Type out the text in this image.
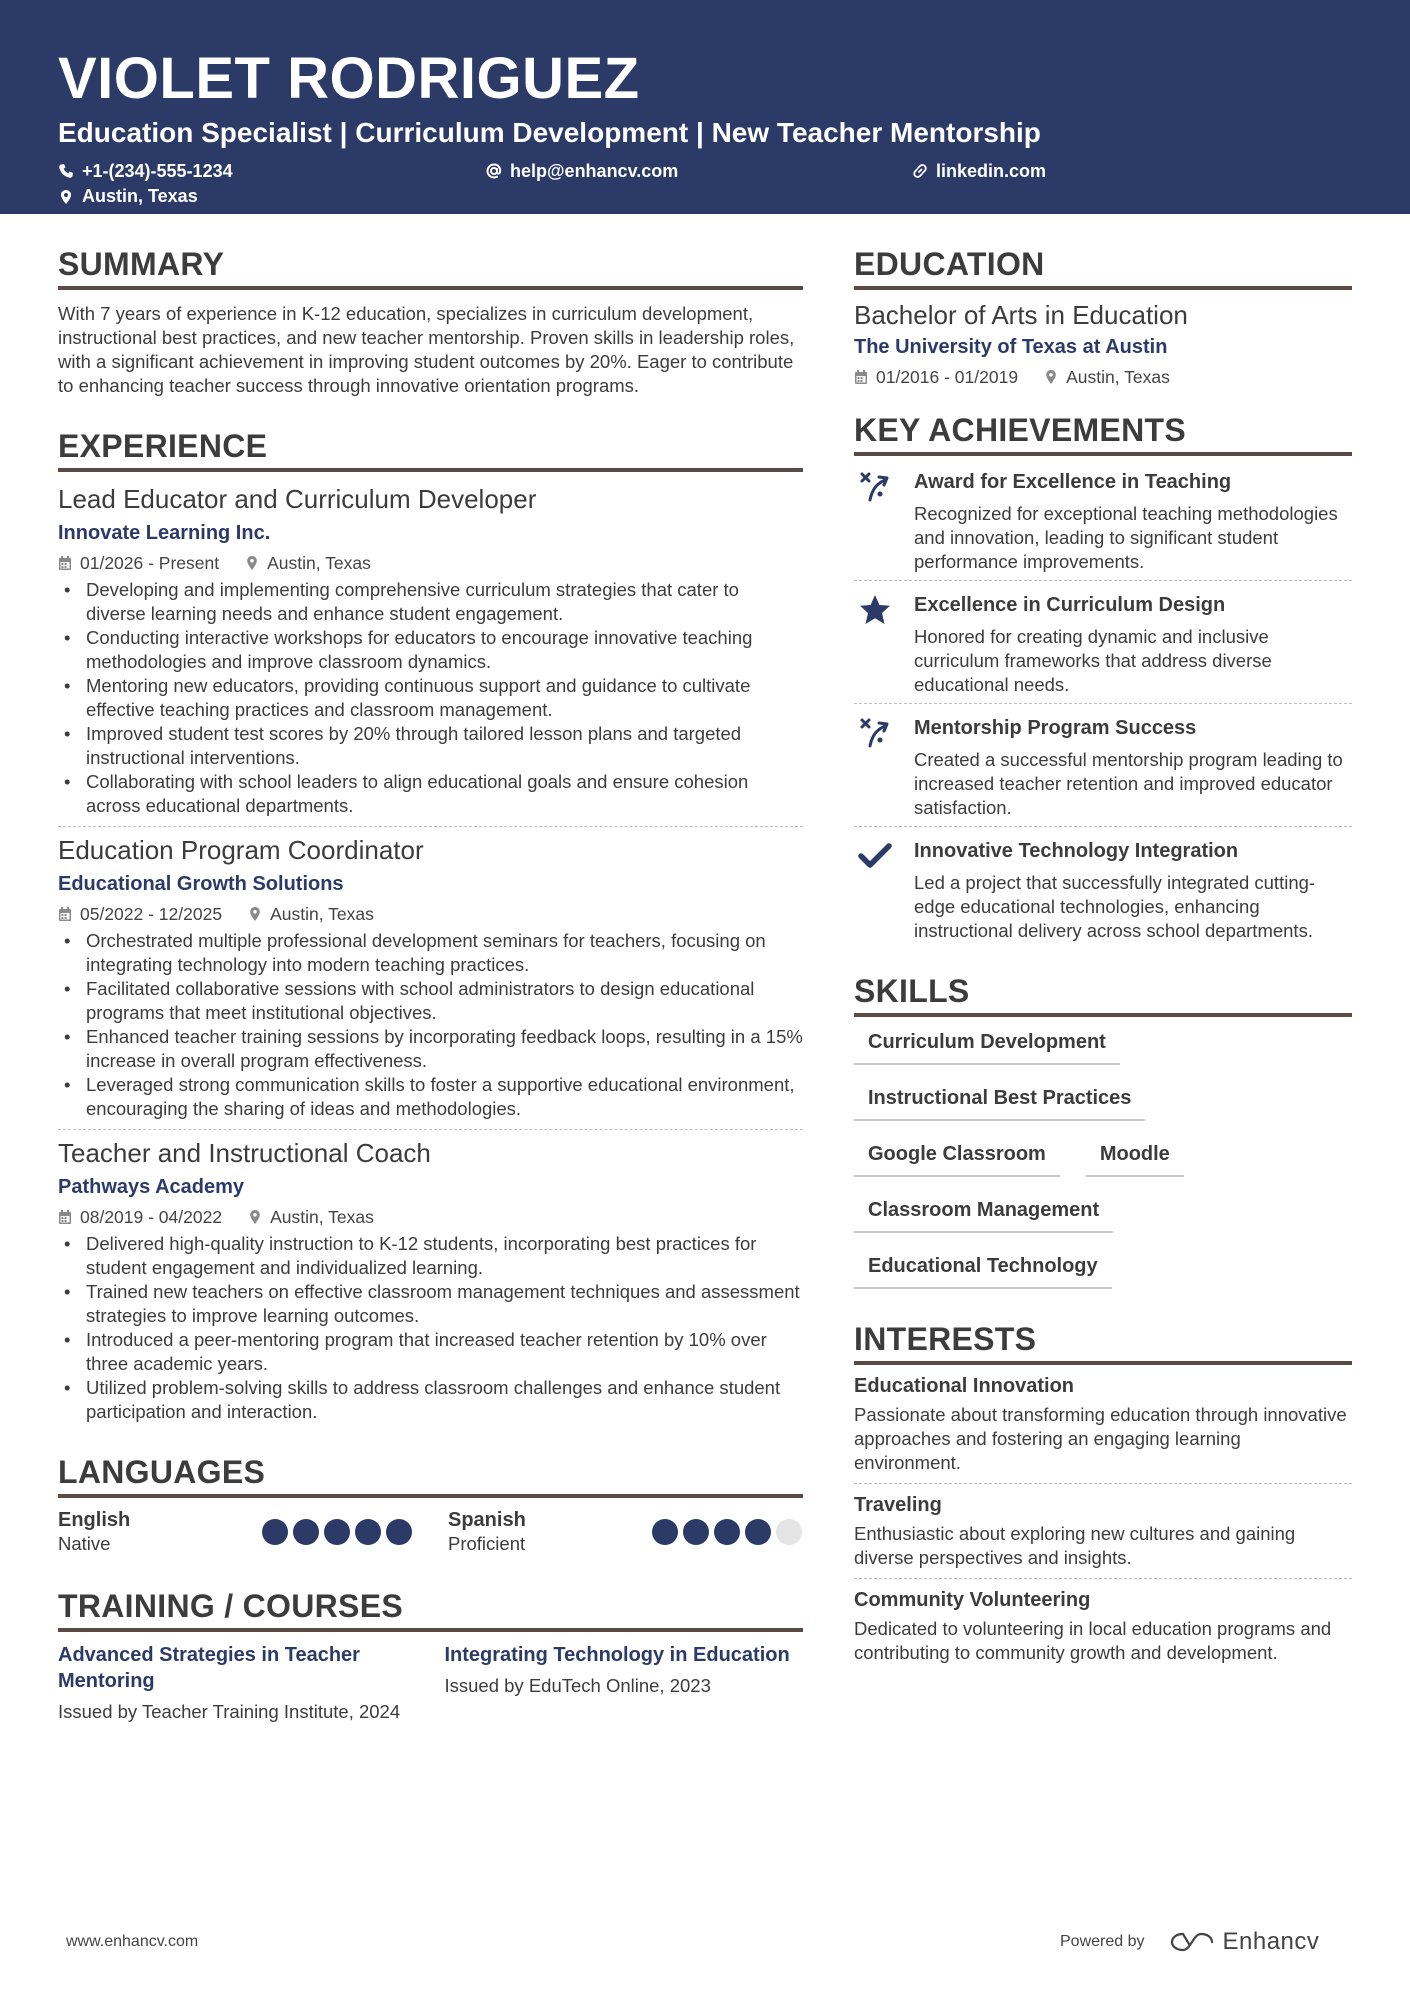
VIOLET RODRIGUEZ
Education Specialist | Curriculum Development | New Teacher Mentorship
+1-(234)-555-1234	help@enhancv.com	linkedin.com
Austin, Texas
SUMMARY
With 7 years of experience in K-12 education, specializes in curriculum development, instructional best practices, and new teacher mentorship. Proven skills in leadership roles, with a significant achievement in improving student outcomes by 20%. Eager to contribute to enhancing teacher success through innovative orientation programs.
EXPERIENCE
Lead Educator and Curriculum Developer
Innovate Learning Inc.
01/2026 - Present	Austin, Texas
• Developing and implementing comprehensive curriculum strategies that cater to diverse learning needs and enhance student engagement.
• Conducting interactive workshops for educators to encourage innovative teaching methodologies and improve classroom dynamics.
• Mentoring new educators, providing continuous support and guidance to cultivate effective teaching practices and classroom management.
• Improved student test scores by 20% through tailored lesson plans and targeted instructional interventions.
• Collaborating with school leaders to align educational goals and ensure cohesion across educational departments.
Education Program Coordinator
Educational Growth Solutions
05/2022 - 12/2025	Austin, Texas
• Orchestrated multiple professional development seminars for teachers, focusing on integrating technology into modern teaching practices.
• Facilitated collaborative sessions with school administrators to design educational programs that meet institutional objectives.
• Enhanced teacher training sessions by incorporating feedback loops, resulting in a 15% increase in overall program effectiveness.
• Leveraged strong communication skills to foster a supportive educational environment, encouraging the sharing of ideas and methodologies.
Teacher and Instructional Coach
Pathways Academy
08/2019 - 04/2022	Austin, Texas
• Delivered high-quality instruction to K-12 students, incorporating best practices for student engagement and individualized learning.
• Trained new teachers on effective classroom management techniques and assessment strategies to improve learning outcomes.
• Introduced a peer-mentoring program that increased teacher retention by 10% over three academic years.
• Utilized problem-solving skills to address classroom challenges and enhance student participation and interaction.
LANGUAGES
English
Native
Spanish
Proficient
TRAINING / COURSES
Advanced Strategies in Teacher Mentoring
Issued by Teacher Training Institute, 2024
Integrating Technology in Education
Issued by EduTech Online, 2023
EDUCATION
Bachelor of Arts in Education
The University of Texas at Austin
01/2016 - 01/2019	Austin, Texas
KEY ACHIEVEMENTS
Award for Excellence in Teaching
Recognized for exceptional teaching methodologies and innovation, leading to significant student performance improvements.
Excellence in Curriculum Design
Honored for creating dynamic and inclusive curriculum frameworks that address diverse educational needs.
Mentorship Program Success
Created a successful mentorship program leading to increased teacher retention and improved educator satisfaction.
Innovative Technology Integration
Led a project that successfully integrated cutting-edge educational technologies, enhancing instructional delivery across school departments.
SKILLS
Curriculum Development
Instructional Best Practices
Google Classroom	Moodle
Classroom Management
Educational Technology
INTERESTS
Educational Innovation
Passionate about transforming education through innovative approaches and fostering an engaging learning environment.
Traveling
Enthusiastic about exploring new cultures and gaining diverse perspectives and insights.
Community Volunteering
Dedicated to volunteering in local education programs and contributing to community growth and development.
www.enhancv.com	Powered by	Enhancv
